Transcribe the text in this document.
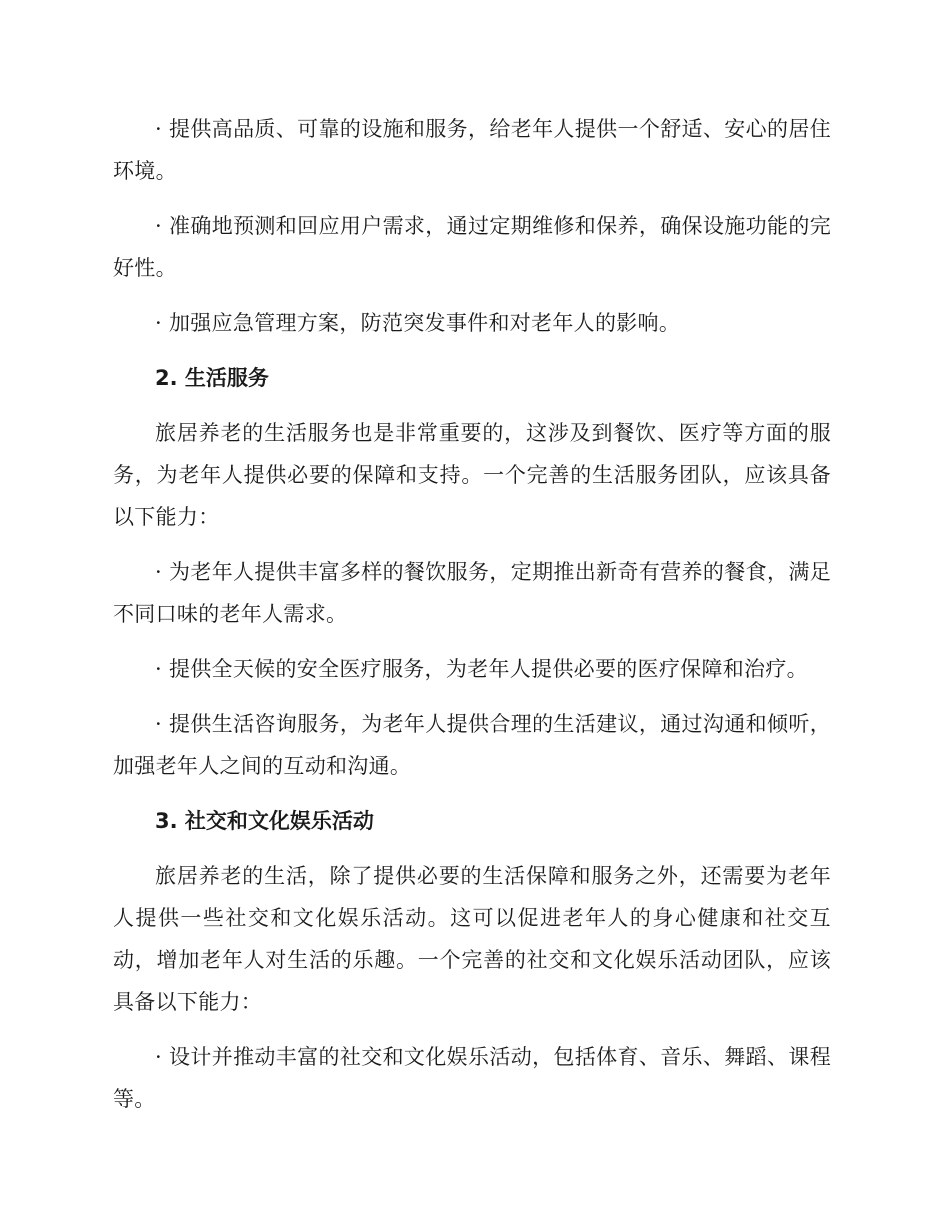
· 提供高品质、可靠的设施和服务，给老年人提供一个舒适、安心的居住环境。

· 准确地预测和回应用户需求，通过定期维修和保养，确保设施功能的完好性。

· 加强应急管理方案，防范突发事件和对老年人的影响。

2. 生活服务

旅居养老的生活服务也是非常重要的，这涉及到餐饮、医疗等方面的服务，为老年人提供必要的保障和支持。一个完善的生活服务团队，应该具备以下能力：

· 为老年人提供丰富多样的餐饮服务，定期推出新奇有营养的餐食，满足不同口味的老年人需求。

· 提供全天候的安全医疗服务，为老年人提供必要的医疗保障和治疗。

· 提供生活咨询服务，为老年人提供合理的生活建议，通过沟通和倾听，加强老年人之间的互动和沟通。

3. 社交和文化娱乐活动

旅居养老的生活，除了提供必要的生活保障和服务之外，还需要为老年人提供一些社交和文化娱乐活动。这可以促进老年人的身心健康和社交互动，增加老年人对生活的乐趣。一个完善的社交和文化娱乐活动团队，应该具备以下能力：

· 设计并推动丰富的社交和文化娱乐活动，包括体育、音乐、舞蹈、课程等。
